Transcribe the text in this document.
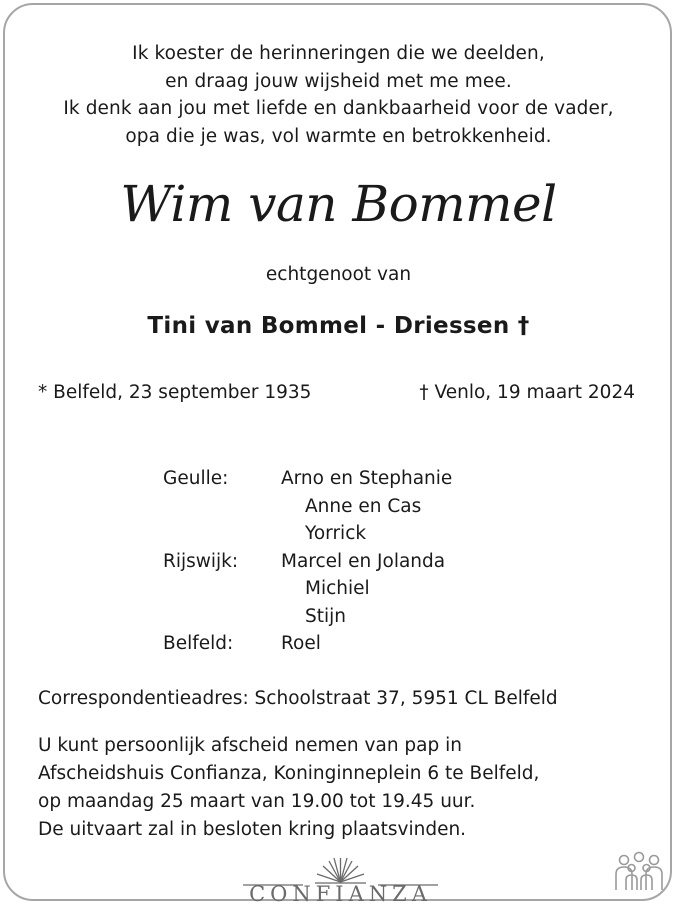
Ik koester de herinneringen die we deelden,
en draag jouw wijsheid met me mee.
Ik denk aan jou met liefde en dankbaarheid voor de vader,
opa die je was, vol warmte en betrokkenheid.
Wim van Bommel
echtgenoot van
Tini van Bommel - Driessen †
* Belfeld, 23 september 1935	† Venlo, 19 maart 2024
Geulle:	Arno en Stephanie
Anne en Cas
Yorrick
Rijswijk:	Marcel en Jolanda
Michiel
Stijn
Belfeld:	Roel
Correspondentieadres: Schoolstraat 37, 5951 CL Belfeld
U kunt persoonlijk afscheid nemen van pap in
Afscheidshuis Confianza, Koninginneplein 6 te Belfeld,
op maandag 25 maart van 19.00 tot 19.45 uur.
De uitvaart zal in besloten kring plaatsvinden.
CONFIANZA
